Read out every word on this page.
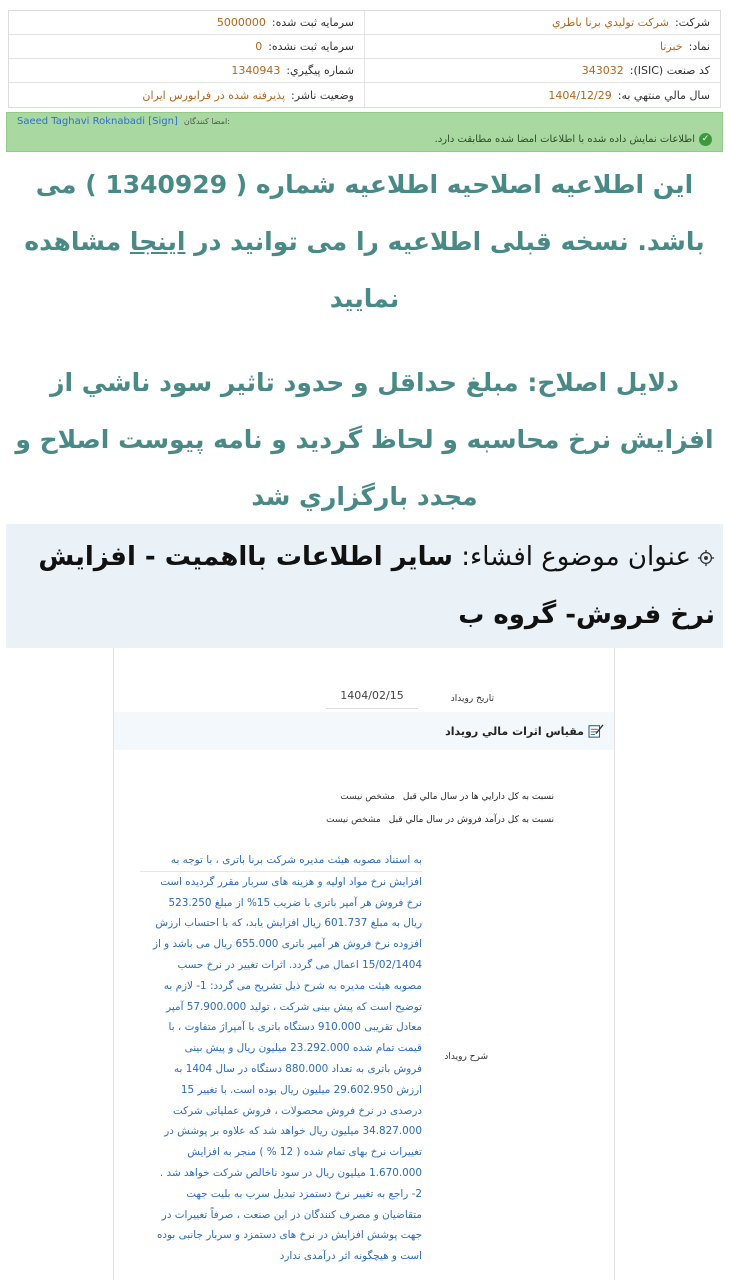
شرکت:
شرکت توليدي برنا باطري
سرمايه ثبت شده:
5000000
نماد:
خبرنا
سرمايه ثبت نشده:
0
کد صنعت (ISIC):
343032
شماره پيگيري:
1340943
سال مالي منتهي به:
1404/12/29
وضعيت ناشر:
پذيرفته شده در فرابورس ايران
Saeed Taghavi Roknabadi [Sign] امضا کنندگان:
✓
اطلاعات نمايش داده شده با اطلاعات امضا شده مطابقت دارد.
اين اطلاعيه اصلاحيه اطلاعيه شماره ( 1340929 ) می باشد. نسخه قبلی اطلاعيه را می توانيد در اینجا مشاهده نماييد
دلايل اصلاح: مبلغ حداقل و حدود تاثير سود ناشي از افزايش نرخ محاسبه و لحاظ گرديد و نامه پيوست اصلاح و مجدد بارگزاري شد
عنوان موضوع افشاء: ساير اطلاعات بااهميت - افزايش نرخ فروش- گروه ب
تاريخ رويداد
1404/02/15
مقياس اثرات مالي رويداد
نسبت به کل دارايي ها در سال مالي قبل
مشخص نيست
نسبت به کل درآمد فروش در سال مالي قبل
مشخص نيست
شرح رويداد
به استناد مصوبه هيئت مديره شرکت برنا باتری ، با توجه به
افزايش نرخ مواد اوليه و هزينه های سربار مقرر گرديده است
نرخ فروش هر آمپر باتری با ضريب 15% از مبلغ 523.250
ريال به مبلغ 601.737 ريال افزايش يابد، که با احتساب ارزش
افزوده نرخ فروش هر آمپر باتری 655.000 ريال می باشد و از
15/02/1404 اعمال می گردد. اثرات تغيير در نرخ حسب
مصوبه هيئت مديره به شرح ذيل تشريح می گردد: 1- لازم به
توضيح است که پيش بينی شرکت ، توليد 57.900.000 آمپر
معادل تقريبی 910.000 دستگاه باتری با آمپراژ متفاوت ، با
قيمت تمام شده 23.292.000 ميليون ريال و پيش بينی
فروش باتری به تعداد 880.000 دستگاه در سال 1404 به
ارزش 29.602.950 ميليون ريال بوده است. با تغيير 15
درصدی در نرخ فروش محصولات ، فروش عملياتی شرکت
34.827.000 ميليون ريال خواهد شد که علاوه بر پوشش در
تغييرات نرخ بهای تمام شده ( 12 % ) منجر به افزايش
1.670.000 ميليون ريال در سود ناخالص شرکت خواهد شد .
2- راجع به تغيير نرخ دستمزد تبديل سرب به بليت جهت
متقاضيان و مصرف کنندگان در اين صنعت ، صرفاً تغييرات در
جهت پوشش افزايش در نرخ های دستمزد و سربار جانبی بوده
است و هيچگونه اثر درآمدی ندارد
